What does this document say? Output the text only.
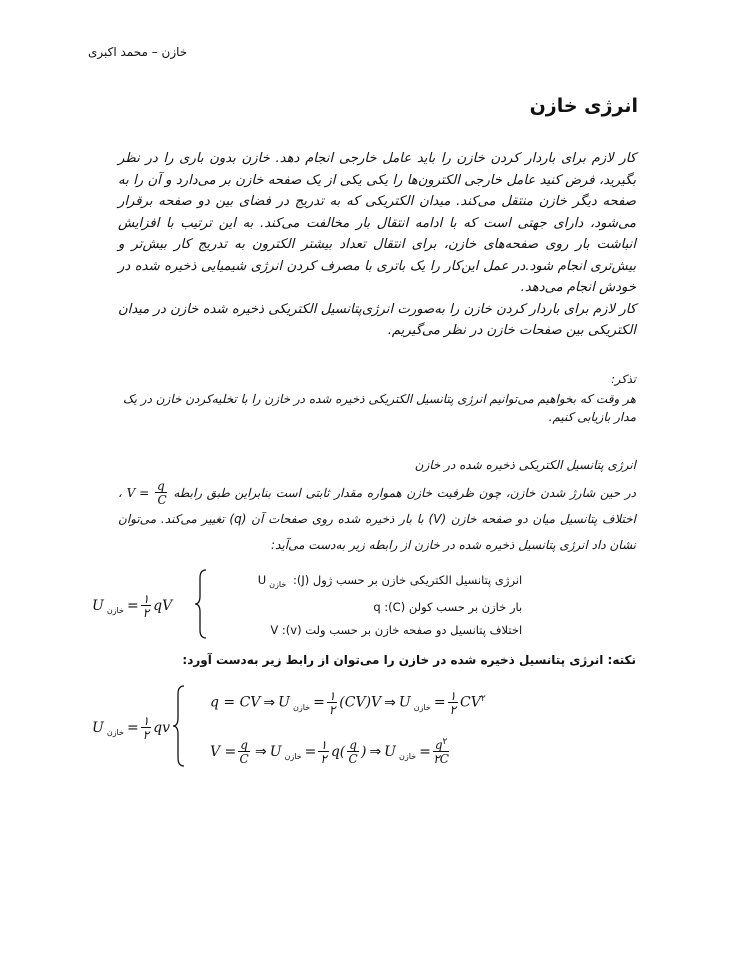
خازن – محمد اکبری
انرژی خازن

کار لازم برای باردار کردن خازن را باید عامل خارجی انجام دهد. خازن بدون باری را در نظر بگیرید، فرض کنید عامل خارجی الکترون‌ها را یکی یکی از یک صفحه خازن بر می‌دارد و آن را به صفحه دیگر خازن منتقل می‌کند. میدان الکتریکی که به تدریج در فضای بین دو صفحه برقرار می‌شود، دارای جهتی است که با ادامه انتقال بار مخالفت می‌کند. به این ترتیب با افزایش انباشت بار روی صفحه‌های خازن، برای انتقال تعداد بیشتر الکترون به تدریج کار بیش‌تر و بیش‌تری انجام شود.در عمل این‌کار را یک باتری با مصرف کردن انرژی شیمیایی ذخیره شده در خودش انجام می‌دهد.

کار لازم برای باردار کردن خازن را به‌صورت انرژی‌پتانسیل الکتریکی ذخیره شده خازن در میدان الکتریکی بین صفحات خازن در نظر می‌گیریم.

تذکر:
هر وقت که بخواهیم می‌توانیم انرژی پتانسیل الکتریکی ذخیره شده در خازن را با تخلیه‌کردن خازن در یک مدار بازیابی کنیم.
انرژی پتانسیل الکتریکی ذخیره شده در خازن
در حین شارژ شدن خازن، چون ظرفیت خازن همواره مقدار ثابتی است بنابراین طبق رابطه $V = \frac{q}{C}$
، اختلاف پتانسیل میان دو صفحه خازن (V) با بار ذخیره شده روی صفحات آن (q) تغییر می‌کند. می‌توان نشان داد انرژی پتانسیل ذخیره شده در خازن از رابطه زیر به‌دست می‌آید:
U $_{خازن} = \frac{۱}{۲}$ qV
انرژی پتانسیل الکتریکی خازن بر حسب ژول (J): U $_{خازن}$
بار خازن بر حسب کولن (C): q
اختلاف پتانسیل دو صفحه خازن بر حسب ولت (v): V
نکته: انرژی پتانسیل ذخیره شده در خازن را می‌توان از رابط زیر به‌دست آورد:
U $_{خازن} = \frac{۱}{۲}$ qv
q = CV ⇒ U $_{خازن} = \frac{۱}{۲} (CV)V$ ⇒ U $_{خازن} = \frac{۱}{۲} CV^۲$
$V = \frac{q}{C}$ ⇒ U $_{خازن} = \frac{۱}{۲} q( \frac{q}{C}$ ) ⇒ U $_{خازن} = \frac{q^۲}{۲C}$
